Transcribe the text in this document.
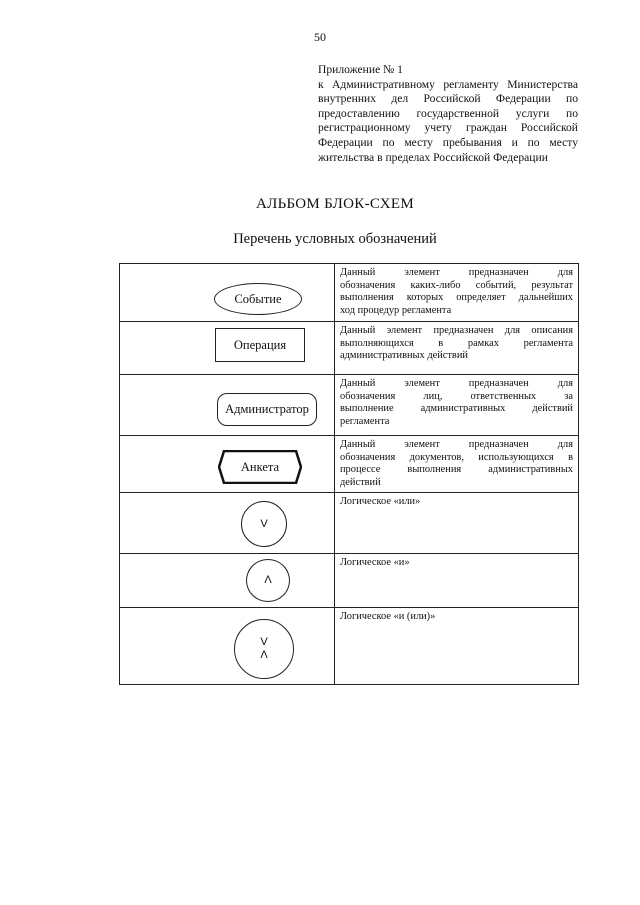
50
Приложение № 1
к Административному регламенту Министерства
внутренних дел Российской Федерации по
предоставлению государственной услуги по
регистрационному учету граждан Российской
Федерации по месту пребывания и по месту
жительства в пределах Российской Федерации
АЛЬБОМ БЛОК-СХЕМ
Перечень условных обозначений
Событие	Данный элемент предназначен для
обозначения каких-либо событий, результат
выполнения которых определяет дальнейших
ход процедур регламента

Операция	Данный элемент предназначен для описания
выполняющихся в рамках регламента
административных действий

Администратор	Данный элемент предназначен для
обозначения лиц, ответственных за
выполнение административных действий
регламента

Анкета	Данный элемент предназначен для
обозначения документов, использующихся в
процессе выполнения административных
действий

V	Логическое «или»

Λ	Логическое «и»

V
Λ	Логическое «и (или)»
